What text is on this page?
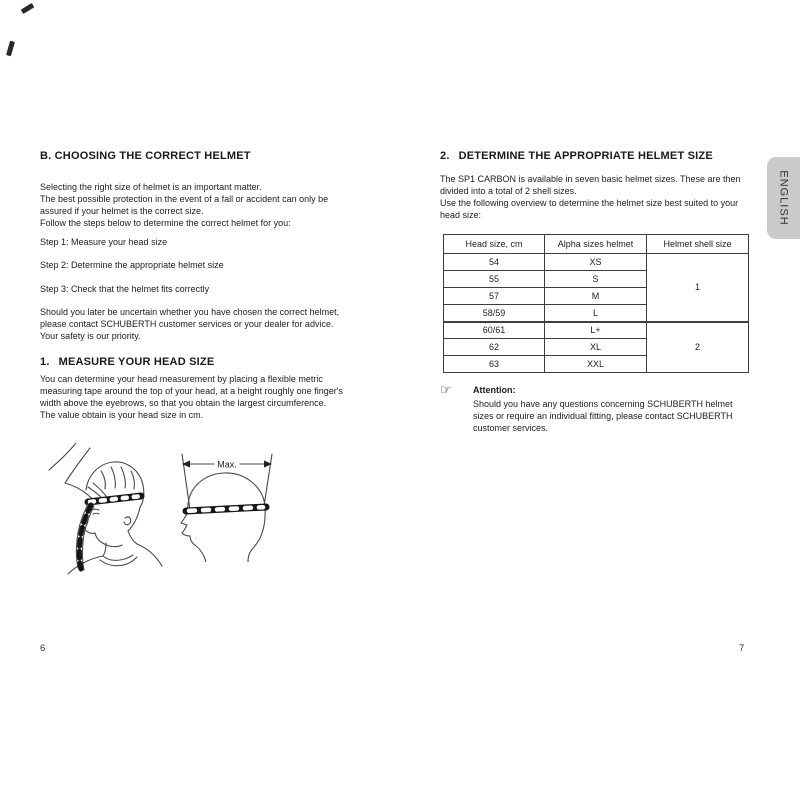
B. CHOOSING THE CORRECT HELMET
Selecting the right size of helmet is an important matter.
The best possible protection in the event of a fall or accident can only be
assured if your helmet is the correct size.
Follow the steps below to determine the correct helmet for you:
Step 1: Measure your head size
Step 2: Determine the appropriate helmet size
Step 3: Check that the helmet fits correctly
Should you later be uncertain whether you have chosen the correct helmet,
please contact SCHUBERTH customer services or your dealer for advice.
Your safety is our priority.
1. MEASURE YOUR HEAD SIZE
You can determine your head measurement by placing a flexible metric
measuring tape around the top of your head, at a height roughly one finger's
width above the eyebrows, so that you obtain the largest circumference.
The value obtain is your head size in cm.
Max.
2. DETERMINE THE APPROPRIATE HELMET SIZE
The SP1 CARBON is available in seven basic helmet sizes. These are then
divided into a total of 2 shell sizes.
Use the following overview to determine the helmet size best suited to your
head size:
Head size, cm	Alpha sizes helmet	Helmet shell size
54	XS	1
55	S	
57	M	
58/59	L	
60/61	L+	2
62	XL	
63	XXL	
☞ Attention:
Should you have any questions concerning SCHUBERTH helmet
sizes or require an individual fitting, please contact SCHUBERTH
customer services.
ENGLISH
6	7
